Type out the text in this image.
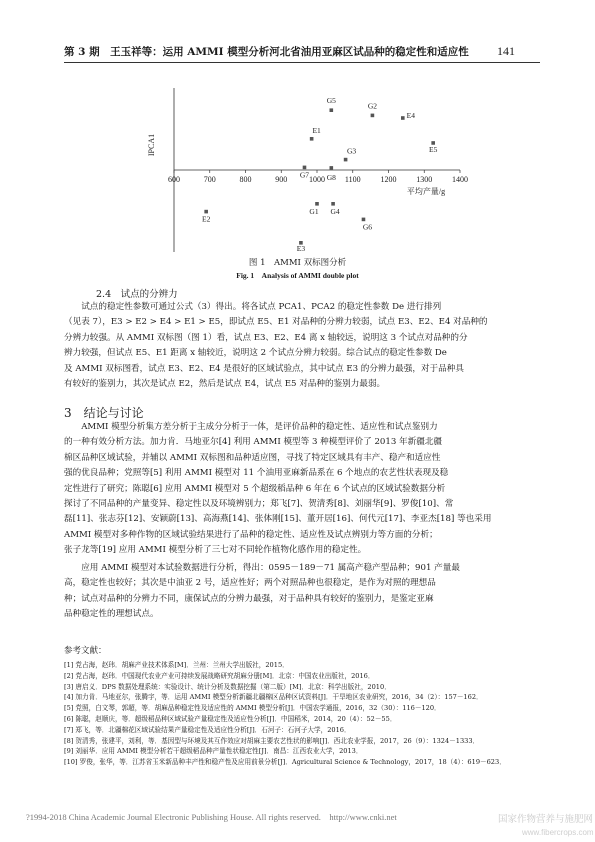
第 3 期　王玉祥等：运用 AMMI 模型分析河北省油用亚麻区试品种的稳定性和适应性 141
600	700	800	900	1000 1100 1200 1300 1400
平均产量/g
IPCA1
G5
G2
E4
E1
E5
G3
G7 G8
G1 G4
G6
E2
E3
图 1　AMMI 双标图分析
Fig. 1　Analysis of AMMI double plot
2.4　试点的分辨力
试点的稳定性参数可通过公式（3）得出。将各试点 PCA1、PCA2 的稳定性参数 De 进行排列
（见表 7），E3 > E2 > E4 > E1 > E5，即试点 E5、E1 对品种的分辨力较弱，试点 E3、E2、E4 对品种的
分辨力较强。从 AMMI 双标图（图 1）看，试点 E3、E2、E4 离 x 轴较远，说明这 3 个试点对品种的分
辨力较强，但试点 E5、E1 距离 x 轴较近，说明这 2 个试点分辨力较弱。综合试点的稳定性参数 De
及 AMMI 双标图看，试点 E3、E2、E4 是很好的区域试验点，其中试点 E3 的分辨力最强，对于品种具
有较好的鉴别力，其次是试点 E2，然后是试点 E4，试点 E5 对品种的鉴别力最弱。
3　结论与讨论
AMMI 模型分析集方差分析于主成分分析于一体，是评价品种的稳定性、适应性和试点鉴别力
的一种有效分析方法。加力肯．马地亚尔[4] 利用 AMMI 模型等 3 种模型评价了 2013 年新疆北疆
棉区品种区域试验，并辅以 AMMI 双标图和品种适应图，寻找了特定区域具有丰产、稳产和适应性
强的优良品种；党照等[5] 利用 AMMI 模型对 11 个油用亚麻新品系在 6 个地点的农艺性状表现及稳
定性进行了研究；陈聪[6] 应用 AMMI 模型对 5 个超级稻品种 6 年在 6 个试点的区域试验数据分析
探讨了不同品种的产量变异、稳定性以及环境辨别力；郑飞[7]、贺清秀[8]、刘丽华[9]、罗俊[10]、常
磊[11]、张志芬[12]、安颖蔚[13]、高海燕[14]、张体刚[15]、董开居[16]、何代元[17]、李亚杰[18] 等也采用
AMMI 模型对多种作物的区域试验结果进行了品种的稳定性、适应性及试点辨别力等方面的分析；
张子龙等[19] 应用 AMMI 模型分析了三七对不同轮作植物化感作用的稳定性。
应用 AMMI 模型对本试验数据进行分析，得出：0595－189－71 属高产稳产型品种；901 产量最
高，稳定性也较好；其次是中油亚 2 号，适应性好；两个对照品种也很稳定，是作为对照的理想品
种；试点对品种的分辨力不同，康保试点的分辨力最强，对于品种具有较好的鉴别力，是鉴定亚麻
品种稳定性的理想试点。
参考文献：
[1] 党占海，赵玮．胡麻产业技术体系[M]．兰州：兰州大学出版社，2015．
[2] 党占海，赵玮．中国现代农业产业可持续发展战略研究胡麻分册[M]．北京：中国农业出版社，2016．
[3] 唐启义．DPS 数据处理系统：实验设计、统计分析及数据挖掘（第二版）[M]．北京：科学出版社，2010．
[4] 加力肯．马地亚尔，张腾宇，等．运用 AMMI 模型分析新疆北疆棉区品种区试资料[J]．干旱地区农业研究，2016，34（2）：157－162．
[5] 党照，白文琴，郭超，等．胡麻品种稳定性及适应性的 AMMI 模型分析[J]．中国农学通报，2016，32（30）：116－120．
[6] 陈聪，赵顺庆，等．超级稻品种区域试验产量稳定性及适应性分析[J]．中国稻米，2014，20（4）：52－55．
[7] 郑飞，等．北疆棉花区域试验结果产量稳定性及适应性分析[J]．石河子：石河子大学，2016．
[8] 贺清秀，张建平，刘利，等．基因型与环境及其互作效应对胡麻主要农艺性状的影响[J]．西北农业学报，2017，26（9）：1324－1333．
[9] 刘丽华．应用 AMMI 模型分析若干超级稻品种产量性状稳定性[J]．南昌：江西农业大学，2013．
[10] 罗俊，张华，等．江苏省玉米新品种丰产性和稳产性及应用前景分析[J]．Agricultural Science & Technology，2017，18（4）：619－623．
?1994-2018 China Academic Journal Electronic Publishing House. All rights reserved.　http://www.cnki.net	国家作物营养与施肥网
www.fibercrops.com
